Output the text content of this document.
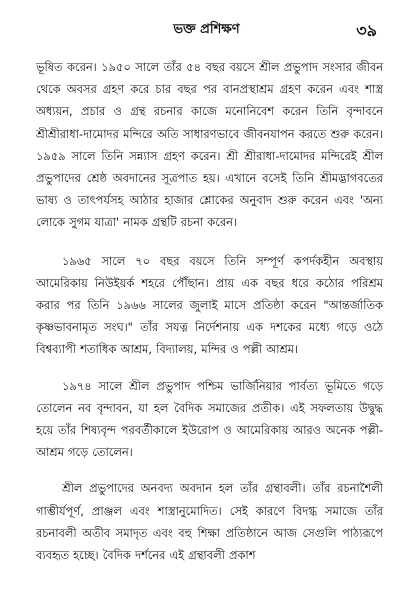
ভক্ত প্রশিক্ষণ	৩৯

ভূষিত করেন। ১৯৫০ সালে তাঁর ৫৪ বছর বয়সে শ্রীল প্রভুপাদ সংসার জীবন থেকে অবসর গ্রহণ করে চার বছর পর বানপ্রস্থাশ্রম গ্রহণ করেন এবং শাস্ত্র অধ্যয়ন, প্রচার ও গ্রন্থ রচনার কাজে মনোনিবেশ করেন তিনি বৃন্দাবনে শ্রীশ্রীরাধা-দামোদর মন্দিরে অতি সাধারণভাবে জীবনযাপন করতে শুরু করেন। ১৯৫৯ সালে তিনি সন্ন্যাস গ্রহণ করেন। শ্রী শ্রীরাধা-দামোদর মন্দিরেই শ্রীল প্রভুপাদের শ্রেষ্ঠ অবদানের সূত্রপাত হয়। এখানে বসেই তিনি শ্রীমদ্ভাগবতের ভাষ্য ও তাৎপর্যসহ আঠার হাজার শ্লোকের অনুবাদ শুরু করেন এবং 'অন্য লোকে সুগম যাত্রা' নামক গ্রন্থটি রচনা করেন।

১৯৬৫ সালে ৭০ বছর বয়সে তিনি সম্পূর্ণ কপর্দকহীন অবস্থায় আমেরিকায় নিউইয়র্ক শহরে পৌঁছান। প্রায় এক বছর ধরে কঠোর পরিশ্রম করার পর তিনি ১৯৬৬ সালের জুলাই মাসে প্রতিষ্ঠা করেন "আন্তর্জাতিক কৃষ্ণভাবনামৃত সংঘ।" তাঁর সযত্ন নির্দেশনায় এক দশকের মধ্যে গড়ে ওঠে বিশ্বব্যাপী শতাধিক আশ্রম, বিদ্যালয়, মন্দির ও পল্লী আশ্রম।

১৯৭৪ সালে শ্রীল প্রভুপাদ পশ্চিম ভার্জিনিয়ার পার্বত্য ভূমিতে গড়ে তোলেন নব বৃন্দাবন, যা হল বৈদিক সমাজের প্রতীক। এই সফলতায় উদ্বুদ্ধ হয়ে তাঁর শিষ্যবৃন্দ পরবর্তীকালে ইউরোপ ও আমেরিকায় আরও অনেক পল্লী-আশ্রম গড়ে তোলেন।

শ্রীল প্রভুপাদের অনবদ্য অবদান হল তাঁর গ্রন্থাবলী। তাঁর রচনাশৈলী গাম্ভীর্যপূর্ণ, প্রাঞ্জল এবং শাস্ত্রানুমোদিত। সেই কারণে বিদগ্ধ সমাজে তাঁর রচনাবলী অতীব সমাদৃত এবং বহু শিক্ষা প্রতিষ্ঠানে আজ সেগুলি পাঠ্যরূপে ব্যবহৃত হচ্ছে। বৈদিক দর্শনের এই গ্রন্থাবলী প্রকাশ
